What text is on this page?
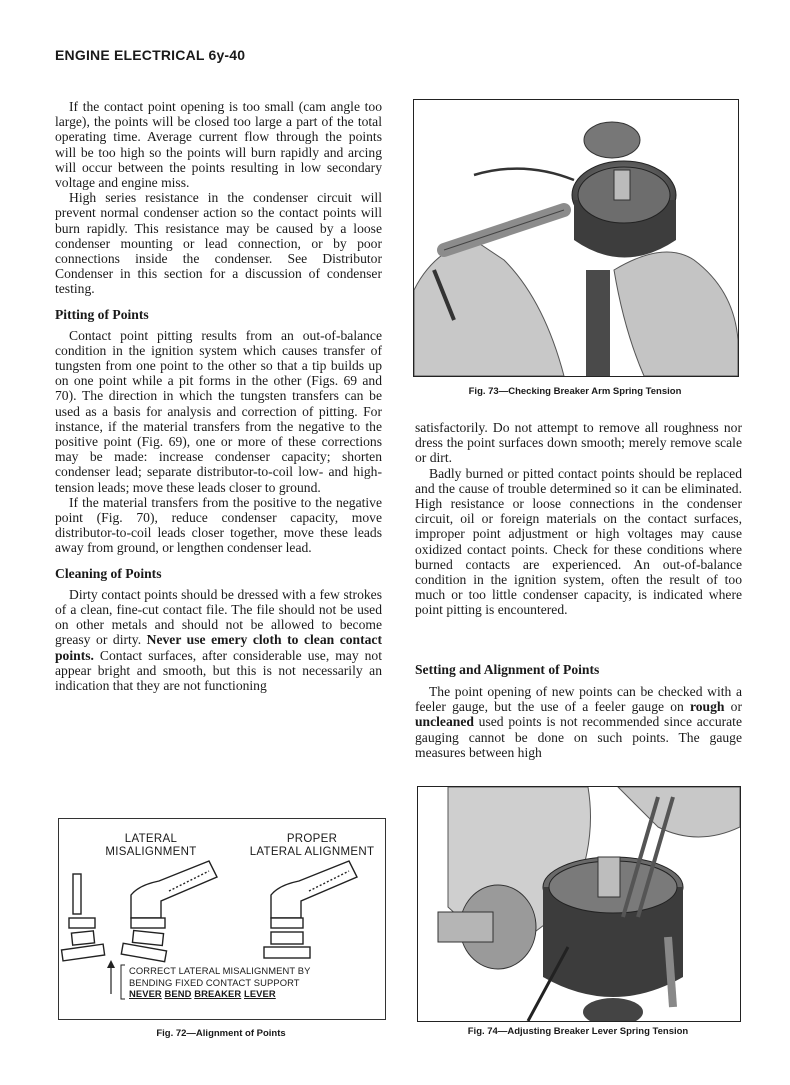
ENGINE ELECTRICAL 6y-40

If the contact point opening is too small (cam angle too large), the points will be closed too large a part of the total operating time. Average current flow through the points will be too high so the points will burn rapidly and arcing will occur between the points resulting in low secondary voltage and engine miss.

High series resistance in the condenser circuit will prevent normal condenser action so the contact points will burn rapidly. This resistance may be caused by a loose condenser mounting or lead connection, or by poor connections inside the condenser. See Distributor Condenser in this section for a discussion of condenser testing.

Pitting of Points

Contact point pitting results from an out-of-balance condition in the ignition system which causes transfer of tungsten from one point to the other so that a tip builds up on one point while a pit forms in the other (Figs. 69 and 70). The direction in which the tungsten transfers can be used as a basis for analysis and correction of pitting. For instance, if the material transfers from the negative to the positive point (Fig. 69), one or more of these corrections may be made: increase condenser capacity; shorten condenser lead; separate distributor-to-coil low- and high-tension leads; move these leads closer to ground.

If the material transfers from the positive to the negative point (Fig. 70), reduce condenser capacity, move distributor-to-coil leads closer together, move these leads away from ground, or lengthen condenser lead.

Cleaning of Points

Dirty contact points should be dressed with a few strokes of a clean, fine-cut contact file. The file should not be used on other metals and should not be allowed to become greasy or dirty. Never use emery cloth to clean contact points. Contact surfaces, after considerable use, may not appear bright and smooth, but this is not necessarily an indication that they are not functioning

Fig. 73—Checking Breaker Arm Spring Tension

satisfactorily. Do not attempt to remove all roughness nor dress the point surfaces down smooth; merely remove scale or dirt.

Badly burned or pitted contact points should be replaced and the cause of trouble determined so it can be eliminated. High resistance or loose connections in the condenser circuit, oil or foreign materials on the contact surfaces, improper point adjustment or high voltages may cause oxidized contact points. Check for these conditions where burned contacts are experienced. An out-of-balance condition in the ignition system, often the result of too much or too little condenser capacity, is indicated where point pitting is encountered.

Setting and Alignment of Points

The point opening of new points can be checked with a feeler gauge, but the use of a feeler gauge on rough or uncleaned used points is not recommended since accurate gauging cannot be done on such points. The gauge measures between high

LATERAL
MISALIGNMENT
PROPER
LATERAL ALIGNMENT
CORRECT LATERAL MISALIGNMENT BY
BENDING FIXED CONTACT SUPPORT
NEVER BEND BREAKER LEVER
Fig. 72—Alignment of Points	Fig. 74—Adjusting Breaker Lever Spring Tension
